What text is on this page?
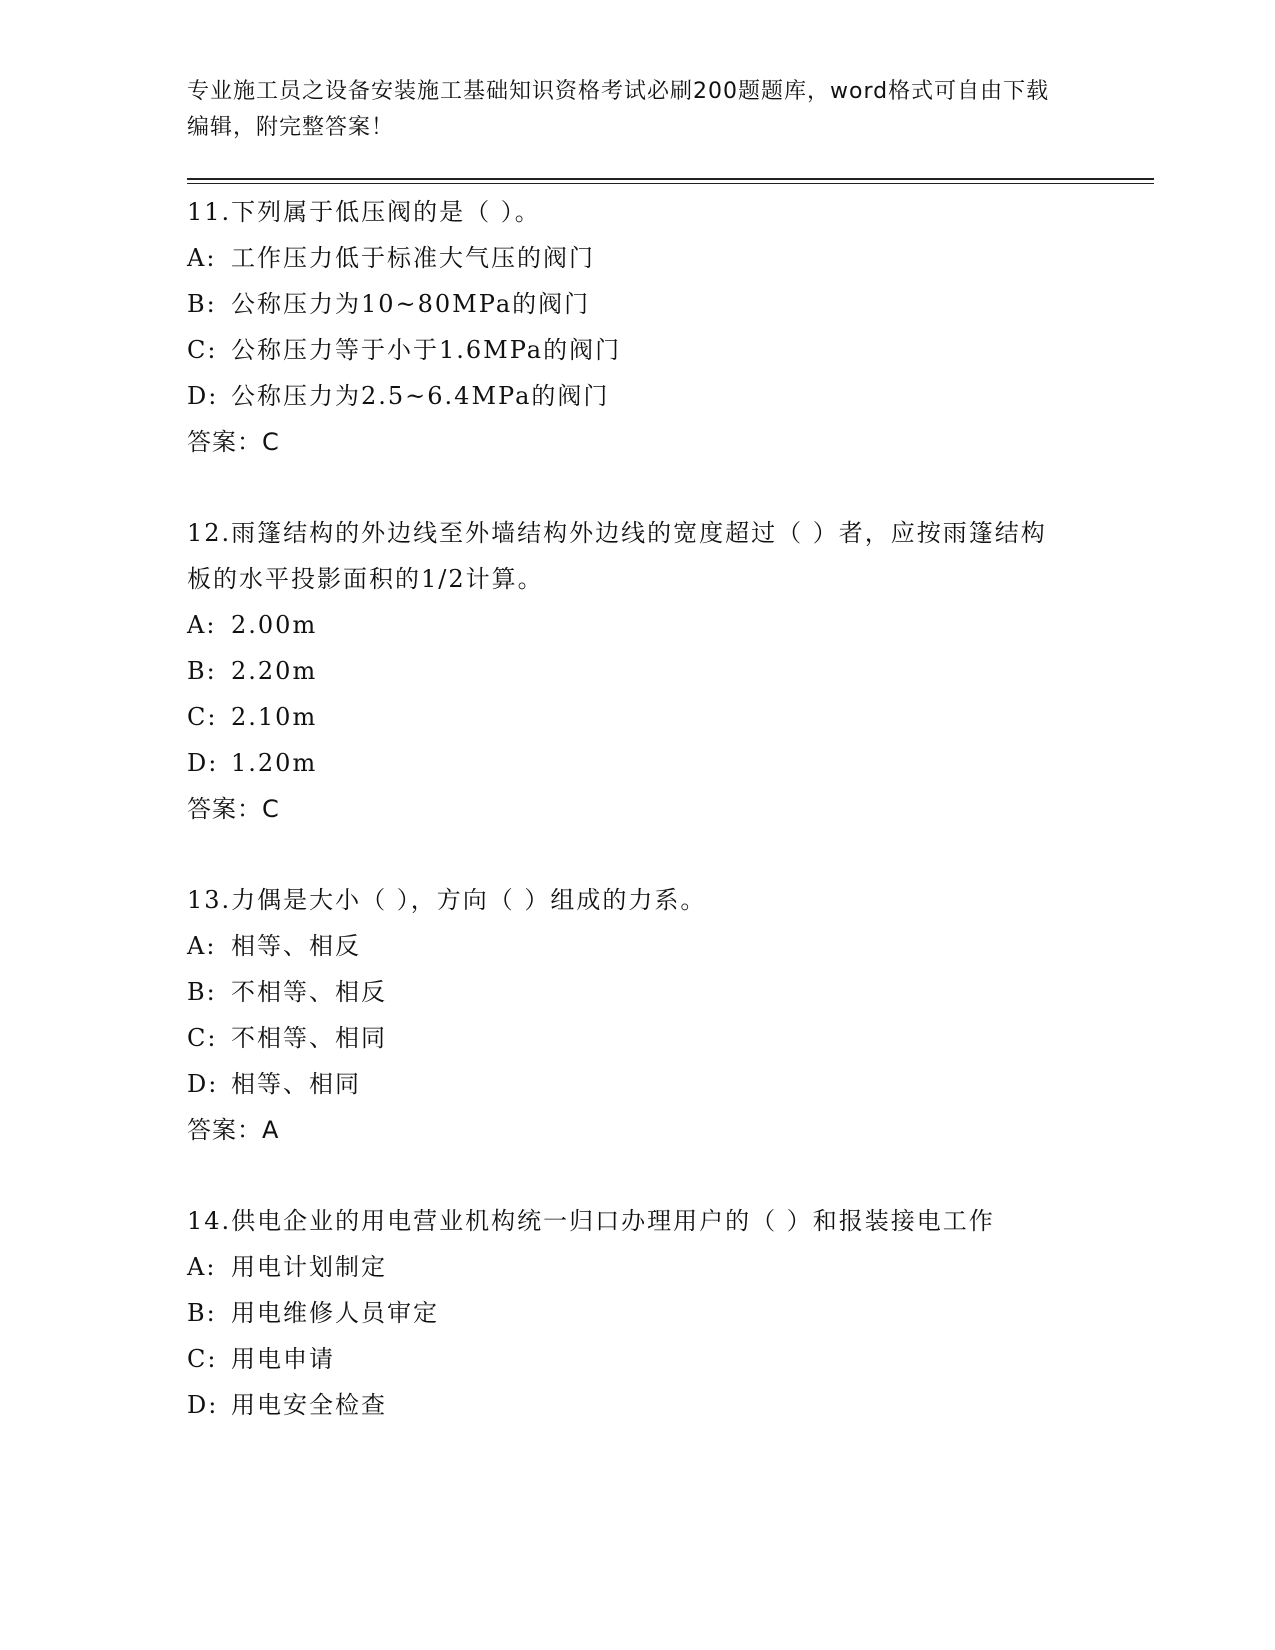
专业施工员之设备安装施工基础知识资格考试必刷200题题库，word格式可自由下载编辑，附完整答案！
11.下列属于低压阀的是（ ）。
A: 工作压力低于标准大气压的阀门
B: 公称压力为10~80MPa的阀门
C: 公称压力等于小于1.6MPa的阀门
D: 公称压力为2.5~6.4MPa的阀门
答案：C
12.雨篷结构的外边线至外墙结构外边线的宽度超过（ ）者，应按雨篷结构板的水平投影面积的1/2计算。
A: 2.00m
B: 2.20m
C: 2.10m
D: 1.20m
答案：C
13.力偶是大小（ ），方向（ ）组成的力系。
A: 相等、相反
B: 不相等、相反
C: 不相等、相同
D: 相等、相同
答案：A
14.供电企业的用电营业机构统一归口办理用户的（ ）和报装接电工作
A: 用电计划制定
B: 用电维修人员审定
C: 用电申请
D: 用电安全检查
